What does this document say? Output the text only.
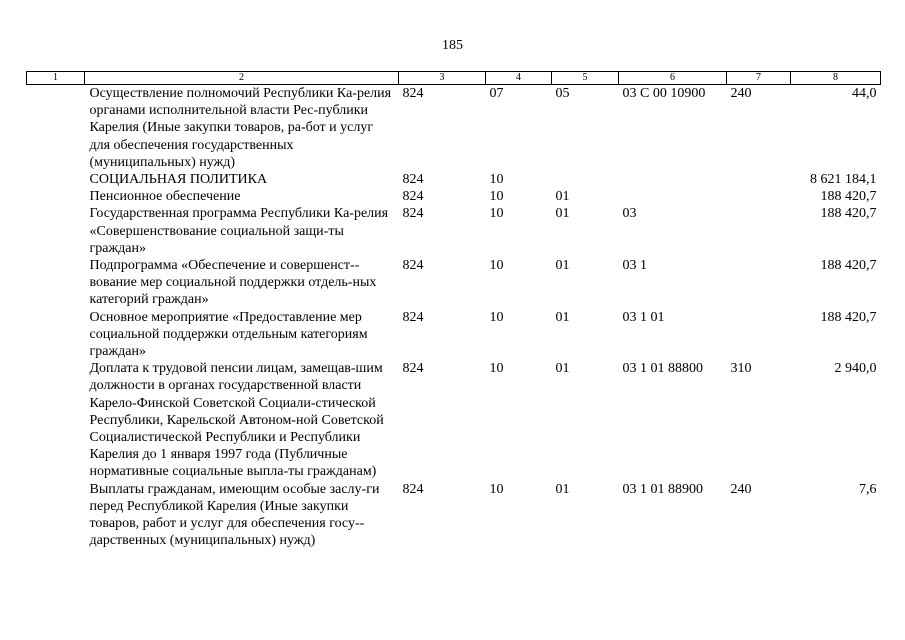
185
1	2	3	4	5	6	7	8
	Осуществление полномочий Республики Ка-релия органами исполнительной власти Рес-публики Карелия (Иные закупки товаров, ра-бот и услуг для обеспечения государственных (муниципальных) нужд)	824	07	05	03 С 00 10900	240	44,0
	СОЦИАЛЬНАЯ ПОЛИТИКА	824	10				8 621 184,1
	Пенсионное обеспечение	824	10	01			188 420,7
	Государственная программа Республики Ка-релия «Совершенствование социальной защи-ты граждан»	824	10	01	03		188 420,7
	Подпрограмма «Обеспечение и совершенст-вование мер социальной поддержки отдель-ных категорий граждан»	824	10	01	03 1		188 420,7
	Основное мероприятие «Предоставление мер социальной поддержки отдельным категориям граждан»	824	10	01	03 1 01		188 420,7
	Доплата к трудовой пенсии лицам, замещав-шим должности в органах государственной власти Карело-Финской Советской Социали-стической Республики, Карельской Автоном-ной Советской Социалистической Республики и Республики Карелия до 1 января 1997 года (Публичные нормативные социальные выпла-ты гражданам)	824	10	01	03 1 01 88800	310	2 940,0
	Выплаты гражданам, имеющим особые заслу-ги перед Республикой Карелия (Иные закупки товаров, работ и услуг для обеспечения госу-дарственных (муниципальных) нужд)	824	10	01	03 1 01 88900	240	7,6
